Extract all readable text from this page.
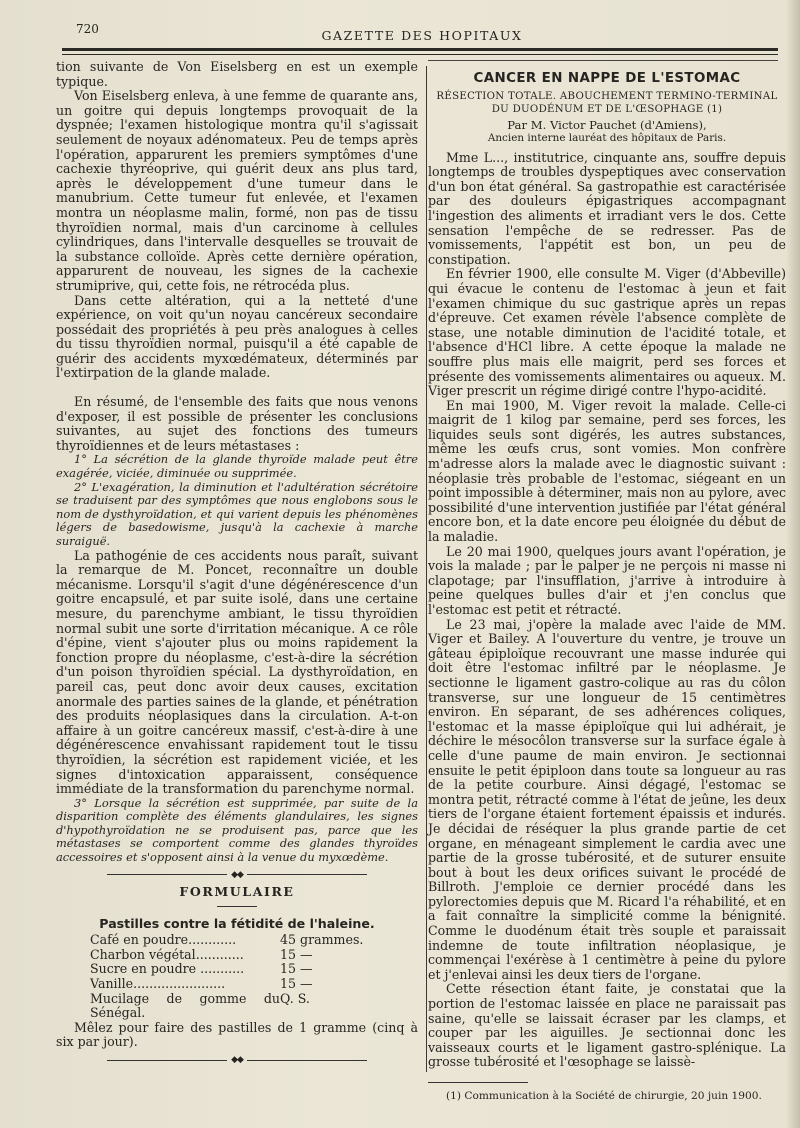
720	GAZETTE DES HOPITAUX

tion suivante de Von Eiselsberg en est un exemple typique.

Von Eiselsberg enleva, à une femme de quarante ans, un goitre qui depuis longtemps provoquait de la dyspnée; l'examen histologique montra qu'il s'agissait seulement de noyaux adénomateux. Peu de temps après l'opération, apparurent les premiers symptômes d'une cachexie thyréoprive, qui guérit deux ans plus tard, après le développement d'une tumeur dans le manubrium. Cette tumeur fut enlevée, et l'examen montra un néoplasme malin, formé, non pas de tissu thyroïdien normal, mais d'un carcinome à cellules cylindriques, dans l'intervalle desquelles se trouvait de la substance colloïde. Après cette dernière opération, apparurent de nouveau, les signes de la cachexie strumiprive, qui, cette fois, ne rétrocéda plus.

Dans cette altération, qui a la netteté d'une expérience, on voit qu'un noyau cancéreux secondaire possédait des propriétés à peu près analogues à celles du tissu thyroïdien normal, puisqu'il a été capable de guérir des accidents myxœdémateux, déterminés par l'extirpation de la glande malade.

En résumé, de l'ensemble des faits que nous venons d'exposer, il est possible de présenter les conclusions suivantes, au sujet des fonctions des tumeurs thyroïdiennes et de leurs métastases :

1° La sécrétion de la glande thyroïde malade peut être exagérée, viciée, diminuée ou supprimée.

2° L'exagération, la diminution et l'adultération sécrétoire se traduisent par des symptômes que nous englobons sous le nom de dysthyroïdation, et qui varient depuis les phénomènes légers de basedowisme, jusqu'à la cachexie à marche suraiguë.

La pathogénie de ces accidents nous paraît, suivant la remarque de M. Poncet, reconnaître un double mécanisme. Lorsqu'il s'agit d'une dégénérescence d'un goitre encapsulé, et par suite isolé, dans une certaine mesure, du parenchyme ambiant, le tissu thyroïdien normal subit une sorte d'irritation mécanique. A ce rôle d'épine, vient s'ajouter plus ou moins rapidement la fonction propre du néoplasme, c'est-à-dire la sécrétion d'un poison thyroïdien spécial. La dysthyroïdation, en pareil cas, peut donc avoir deux causes, excitation anormale des parties saines de la glande, et pénétration des produits néoplasiques dans la circulation. A-t-on affaire à un goitre cancéreux massif, c'est-à-dire à une dégénérescence envahissant rapidement tout le tissu thyroïdien, la sécrétion est rapidement viciée, et les signes d'intoxication apparaissent, conséquence immédiate de la transformation du parenchyme normal.

3° Lorsque la sécrétion est supprimée, par suite de la disparition complète des éléments glandulaires, les signes d'hypothyroïdation ne se produisent pas, parce que les métastases se comportent comme des glandes thyroïdes accessoires et s'opposent ainsi à la venue du myxœdème.

◆◆
FORMULAIRE
Pastilles contre la fétidité de l'haleine.
Café en poudre............	45 grammes.
Charbon végétal............	15 —
Sucre en poudre ...........	15 —
Vanille.......................	15 —
Mucilage de gomme du Sénégal.
Q. S.

Mêlez pour faire des pastilles de 1 gramme (cinq à six par jour).

◆◆
CANCER EN NAPPE DE L'ESTOMAC
RÉSECTION TOTALE. ABOUCHEMENT TERMINO-TERMINAL DU DUODÉNUM ET DE L'ŒSOPHAGE (1)
Par M. Victor Pauchet (d'Amiens),
Ancien interne lauréat des hôpitaux de Paris.

Mme L..., institutrice, cinquante ans, souffre depuis longtemps de troubles dyspeptiques avec conservation d'un bon état général. Sa gastropathie est caractérisée par des douleurs épigastriques accompagnant l'ingestion des aliments et irradiant vers le dos. Cette sensation l'empêche de se redresser. Pas de vomissements, l'appétit est bon, un peu de constipation.

En février 1900, elle consulte M. Viger (d'Abbeville) qui évacue le contenu de l'estomac à jeun et fait l'examen chimique du suc gastrique après un repas d'épreuve. Cet examen révèle l'absence complète de stase, une notable diminution de l'acidité totale, et l'absence d'HCl libre. A cette époque la malade ne souffre plus mais elle maigrit, perd ses forces et présente des vomissements alimentaires ou aqueux. M. Viger prescrit un régime dirigé contre l'hypo-acidité.

En mai 1900, M. Viger revoit la malade. Celle-ci maigrit de 1 kilog par semaine, perd ses forces, les liquides seuls sont digérés, les autres substances, même les œufs crus, sont vomies. Mon confrère m'adresse alors la malade avec le diagnostic suivant : néoplasie très probable de l'estomac, siégeant en un point impossible à déterminer, mais non au pylore, avec possibilité d'une intervention justifiée par l'état général encore bon, et la date encore peu éloignée du début de la maladie.

Le 20 mai 1900, quelques jours avant l'opération, je vois la malade ; par le palper je ne perçois ni masse ni clapotage; par l'insufflation, j'arrive à introduire à peine quelques bulles d'air et j'en conclus que l'estomac est petit et rétracté.

Le 23 mai, j'opère la malade avec l'aide de MM. Viger et Bailey. A l'ouverture du ventre, je trouve un gâteau épiploïque recouvrant une masse indurée qui doit être l'estomac infiltré par le néoplasme. Je sectionne le ligament gastro-colique au ras du côlon transverse, sur une longueur de 15 centimètres environ. En séparant, de ses adhérences coliques, l'estomac et la masse épiploïque qui lui adhérait, je déchire le mésocôlon transverse sur la surface égale à celle d'une paume de main environ. Je sectionnai ensuite le petit épiploon dans toute sa longueur au ras de la petite courbure. Ainsi dégagé, l'estomac se montra petit, rétracté comme à l'état de jeûne, les deux tiers de l'organe étaient fortement épaissis et indurés. Je décidai de réséquer la plus grande partie de cet organe, en ménageant simplement le cardia avec une partie de la grosse tubérosité, et de suturer ensuite bout à bout les deux orifices suivant le procédé de Billroth. J'emploie ce dernier procédé dans les pylorectomies depuis que M. Ricard l'a réhabilité, et en a fait connaître la simplicité comme la bénignité. Comme le duodénum était très souple et paraissait indemne de toute infiltration néoplasique, je commençai l'exérèse à 1 centimètre à peine du pylore et j'enlevai ainsi les deux tiers de l'organe.

Cette résection étant faite, je constatai que la portion de l'estomac laissée en place ne paraissait pas saine, qu'elle se laissait écraser par les clamps, et couper par les aiguilles. Je sectionnai donc les vaisseaux courts et le ligament gastro-splénique. La grosse tubérosité et l'œsophage se laissè-

(1) Communication à la Société de chirurgie, 20 juin 1900.
